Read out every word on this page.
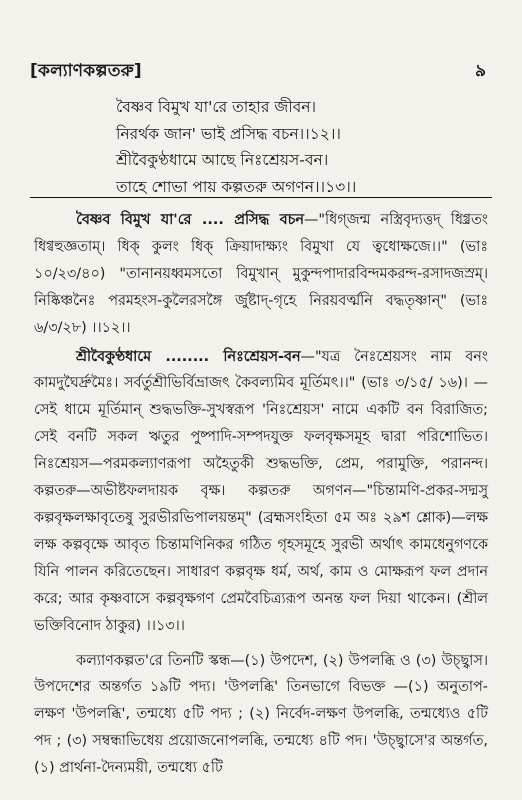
[কল্যাণকল্পতরু]	৯
বৈষ্ণব বিমুখ যা'রে তাহার জীবন।
নিরর্থক জান' ভাই প্রসিদ্ধ বচন।।১২।।
শ্রীবৈকুণ্ঠধামে আছে নিঃশ্রেয়স-বন।
তাহে শোভা পায় কল্পতরু অগণন।।১৩।।

বৈষ্ণব বিমুখ যা'রে .... প্রসিদ্ধ বচন—"ধিগ্জন্ম নস্ত্রিবৃদ্যত্তদ্ ধিগ্ব্রতং ধিগ্বহুজ্ঞতাম্। ধিক্ কুলং ধিক্ ক্রিয়াদাক্ষ্যং বিমুখা যে ত্বধোক্ষজে।।" (ভাঃ ১০/২৩/৪০) "তানানয়ধ্বমসতো বিমুখান্ মুকুন্দপাদারবিন্দমকরন্দ-রসাদজস্রম্। নিষ্কিঞ্চনৈঃ পরমহংস-কুলৈরসঙ্গৈ র্জুষ্টাদ্-গৃহে নিরয়বর্ত্মনি বদ্ধতৃষ্ণান্" (ভাঃ ৬/৩/২৮) ।।১২।।

শ্রীবৈকুণ্ঠধামে ........ নিঃশ্রেয়স-বন—"যত্র নৈঃশ্রেয়সং নাম বনং কামদুঘৈর্দ্রুমৈঃ। সর্বর্তুশ্রীভির্বিভ্রাজৎ কৈবল্যমিব মূর্তিমৎ।।" (ভাঃ ৩/১৫/ ১৬)। —সেই ধামে মূর্তিমান্ শুদ্ধভক্তি-সুখস্বরূপ 'নিঃশ্রেয়স' নামে একটি বন বিরাজিত; সেই বনটি সকল ঋতুর পুষ্পাদি-সম্পদযুক্ত ফলবৃক্ষসমূহ দ্বারা পরিশোভিত। নিঃশ্রেয়স—পরমকল্যাণরূপা অহৈতুকী শুদ্ধভক্তি, প্রেম, পরামুক্তি, পরানন্দ। কল্পতরু—অভীষ্টফলদায়ক বৃক্ষ। কল্পতরু অগণন—"চিন্তামণি-প্রকর-সদ্মসু কল্পবৃক্ষলক্ষাবৃতেষু সুরভীরভিপালয়ন্তম্" (ব্রহ্মসংহিতা ৫ম অঃ ২৯শ শ্লোক)—লক্ষ লক্ষ কল্পবৃক্ষে আবৃত চিন্তামণিনিকর গঠিত গৃহসমূহে সুরভী অর্থাৎ কামধেনুগণকে যিনি পালন করিতেছেন। সাধারণ কল্পবৃক্ষ ধর্ম, অর্থ, কাম ও মোক্ষরূপ ফল প্রদান করে; আর কৃষ্ণবাসে কল্পবৃক্ষগণ প্রেমবৈচিত্র্যরূপ অনন্ত ফল দিয়া থাকেন। (শ্রীল ভক্তিবিনোদ ঠাকুর) ।।১৩।।

কল্যাণকল্পত'রে তিনটি স্কন্ধ—(১) উপদেশ, (২) উপলব্ধি ও (৩) উচ্ছ্বাস। উপদেশের অন্তর্গত ১৯টি পদ্য। 'উপলব্ধি' তিনভাগে বিভক্ত —(১) অনুতাপ-লক্ষণ 'উপলব্ধি', তন্মধ্যে ৫টি পদ্য ; (২) নির্বেদ-লক্ষণ উপলব্ধি, তন্মধ্যেও ৫টি পদ ; (৩) সম্বন্ধাভিধেয় প্রয়োজনোপলব্ধি, তন্মধ্যে ৪টি পদ। 'উচ্ছ্বাসে'র অন্তর্গত, (১) প্রার্থনা-দৈন্যময়ী, তন্মধ্যে ৫টি
